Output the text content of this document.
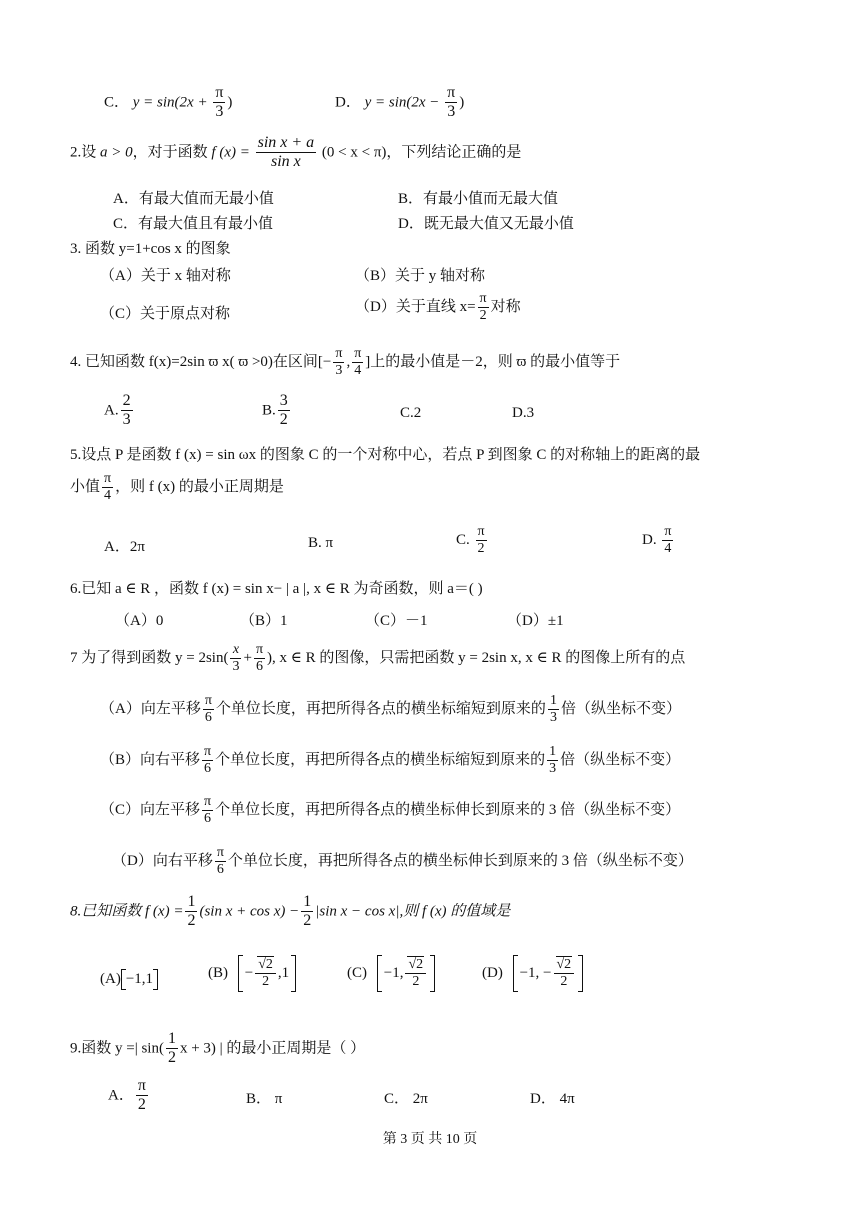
C． $y = \sin(2x + \frac{\pi}{3}$ )	D． $y = \sin(2x - \frac{\pi}{3}$ )
2.设 a > 0，对于函数 f $(x) = \frac{\text{sin x + a}}{\text{sin x}} (0 < x < \pi)$，下列结论正确的是
A．有最大值而无最小值	B．有最小值而无最大值
C．有最大值且有最小值	D．既无最大值又无最小值
3. 函数 y=1+cos x 的图象
（A）关于 x 轴对称	（B）关于 y 轴对称
（C）关于原点对称	（D）关于直线 $x= \frac{\pi}{2}$ 对称
4. 已知函数 f(x)=2sin ϖ x( ϖ >0)在区间[− $\frac{\pi}{3}$ , $\frac{\pi}{4}$ ]上的最小值是－2，则 ϖ 的最小值等于
A. $\frac{2}{3}$	B. $\frac{3}{2}$	C.2	D.3
5.设点 P 是函数 f (x) = sin ωx 的图象 C 的一个对称中心，若点 P 到图象 C 的对称轴上的距离的最
小值 $\frac{\pi}{4}$ ，则 f (x) 的最小正周期是
A．2π	B. π	C. $\frac{\pi}{2}$	D. $\frac{\pi}{4}$
6.已知 a ∈ R ，函数 f (x) = sin x− | a |, x ∈ R 为奇函数，则 a＝( )
（A）0	（B）1	（C）－1	（D）±1
7 为了得到函数 $y = 2\sin( \frac{x}{3} + \frac{\pi}{6}$ ), x ∈ R 的图像，只需把函数 y = 2sin x, x ∈ R 的图像上所有的点
（A）向左平移 $\frac{\pi}{6}$ 个单位长度，再把所得各点的横坐标缩短到原来的 $\frac{1}{3}$ 倍（纵坐标不变）
（B）向右平移 $\frac{\pi}{6}$ 个单位长度，再把所得各点的横坐标缩短到原来的 $\frac{1}{3}$ 倍（纵坐标不变）
（C）向左平移 $\frac{\pi}{6}$ 个单位长度，再把所得各点的横坐标伸长到原来的 3 倍（纵坐标不变）
（D）向右平移 $\frac{\pi}{6}$ 个单位长度，再把所得各点的横坐标伸长到原来的 3 倍（纵坐标不变）
8.已知函数 f $(x) = \frac{1}{2} (\sin$ $x + \cos x) - \frac{1}{2} |\sin$ x − cos x|,则 f (x) 的值域是
(A) −1,1	$(B) - \frac{√2}{2} ,1$	(C) −1, $\frac{√2}{2}$	(D) −1, − $\frac{√2}{2}$
9.函数 y =| $\sin( \frac{1}{2}$ x + 3) | 的最小正周期是（ ）
A． $\frac{\pi}{2}$	B． π	C． 2π	D． 4π
第 3 页 共 10 页
